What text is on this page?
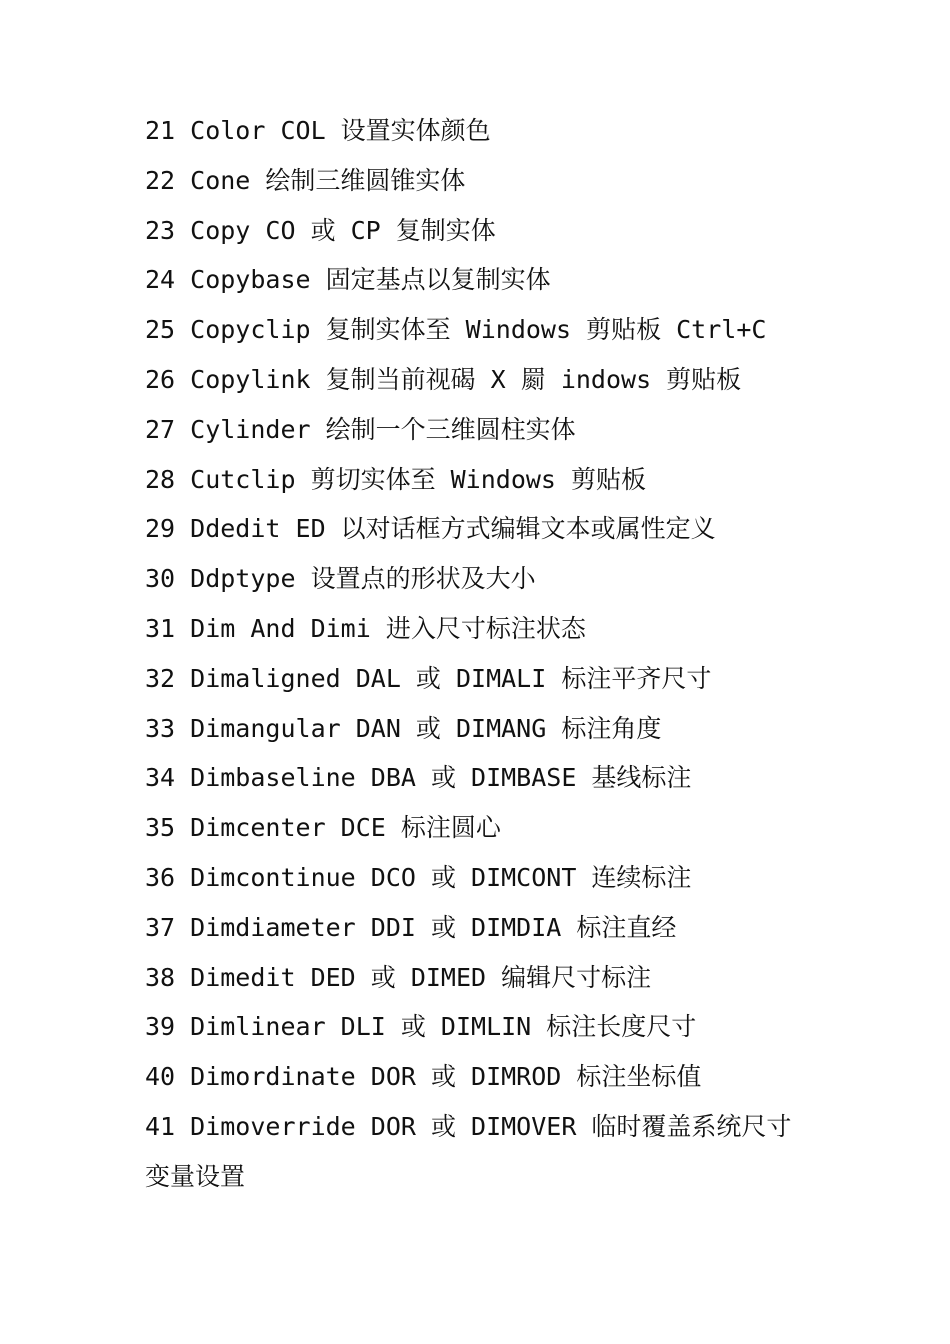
21 Color COL 设置实体颜色
22 Cone 绘制三维圆锥实体
23 Copy CO 或 CP 复制实体
24 Copybase 固定基点以复制实体
25 Copyclip 复制实体至 Windows 剪贴板 Ctrl+C
26 Copylink 复制当前视碣 X 罽 indows 剪贴板
27 Cylinder 绘制一个三维圆柱实体
28 Cutclip 剪切实体至 Windows 剪贴板
29 Ddedit ED 以对话框方式编辑文本或属性定义
30 Ddptype 设置点的形状及大小
31 Dim And Dimi 进入尺寸标注状态
32 Dimaligned DAL 或 DIMALI 标注平齐尺寸
33 Dimangular DAN 或 DIMANG 标注角度
34 Dimbaseline DBA 或 DIMBASE 基线标注
35 Dimcenter DCE 标注圆心
36 Dimcontinue DCO 或 DIMCONT 连续标注
37 Dimdiameter DDI 或 DIMDIA 标注直经
38 Dimedit DED 或 DIMED 编辑尺寸标注
39 Dimlinear DLI 或 DIMLIN 标注长度尺寸
40 Dimordinate DOR 或 DIMROD 标注坐标值
41 Dimoverride DOR 或 DIMOVER 临时覆盖系统尺寸变量设置
